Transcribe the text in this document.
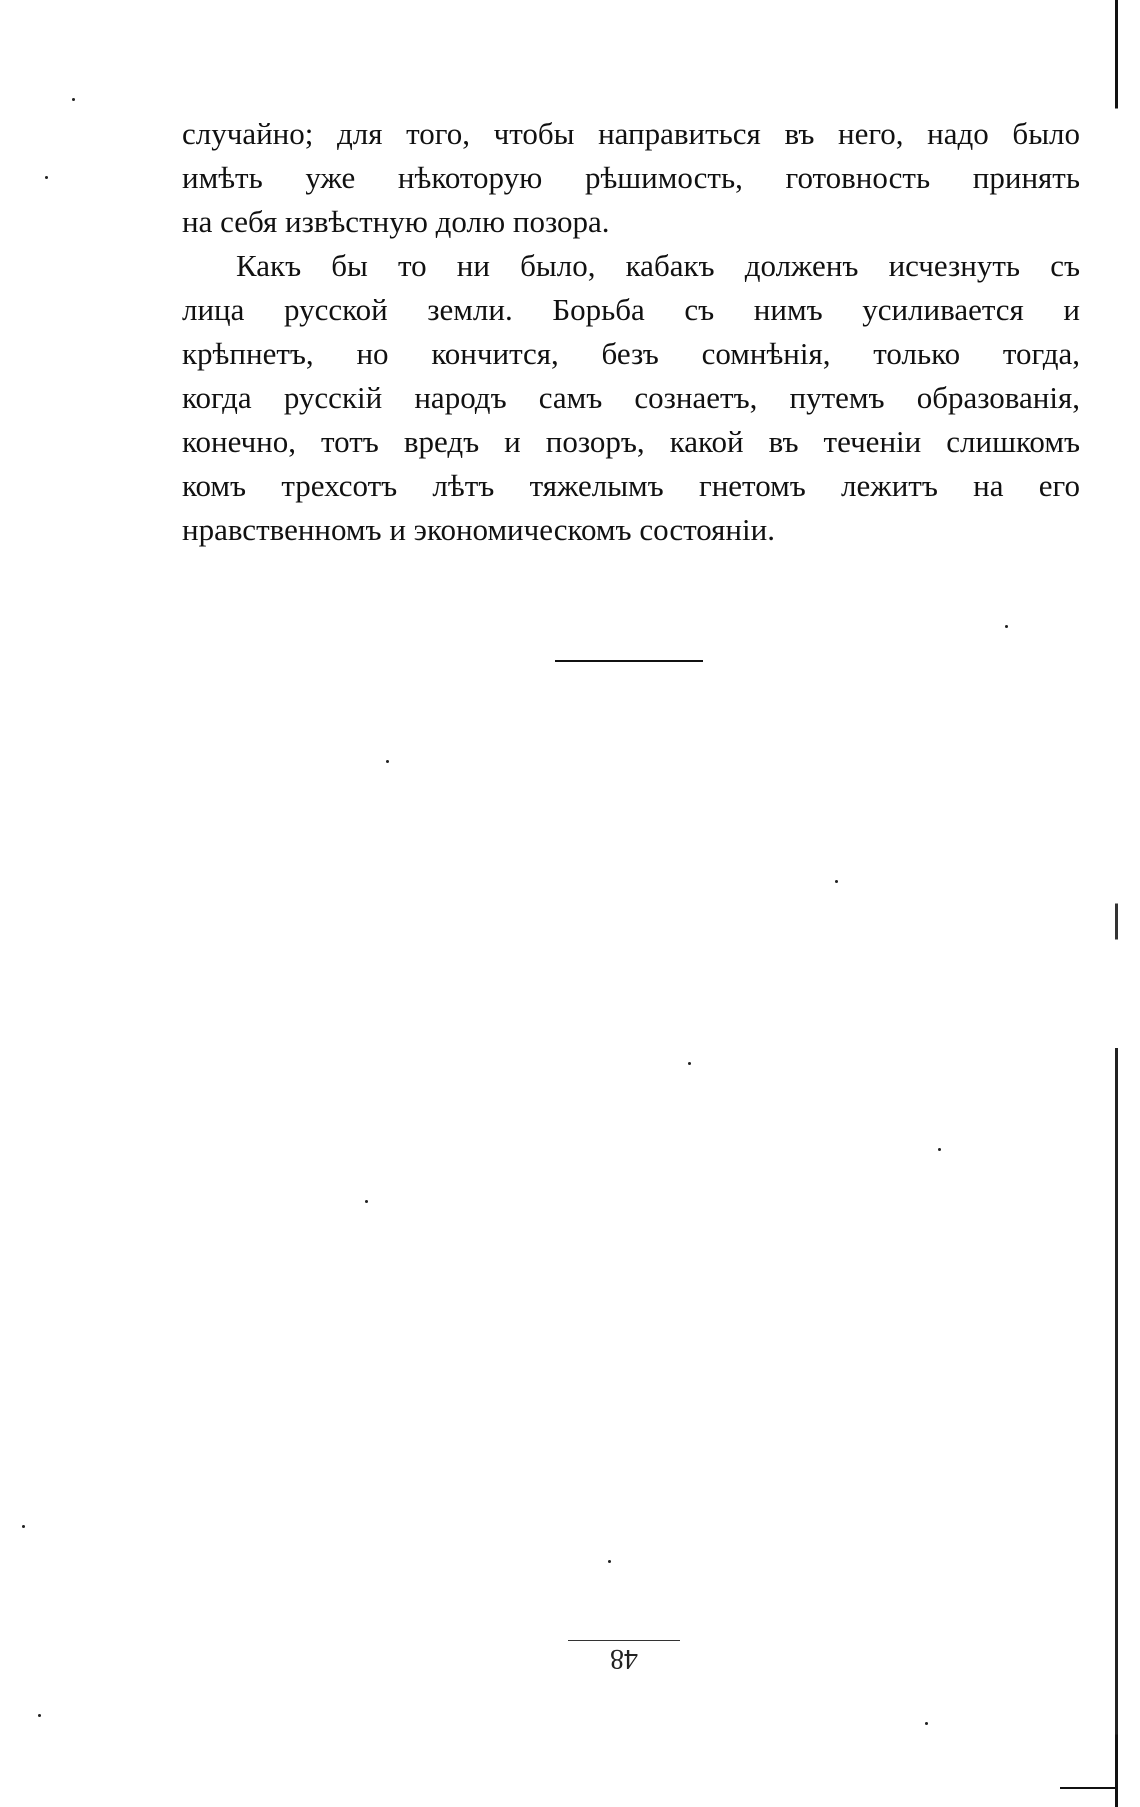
случайно; для того, чтобы направиться въ него, надо было
имѣть уже нѣкоторую рѣшимость, готовность принять
на себя извѣстную долю позора.
Какъ бы то ни было, кабакъ долженъ исчезнуть съ
лица русской земли. Борьба съ нимъ усиливается и
крѣпнетъ, но кончится, безъ сомнѣнія, только тогда,
когда русскій народъ самъ сознаетъ, путемъ образованія,
конечно, тотъ вредъ и позоръ, какой въ теченіи слишкомъ
комъ трехсотъ лѣтъ тяжелымъ гнетомъ лежитъ на его
нравственномъ и экономическомъ состояніи.
48
